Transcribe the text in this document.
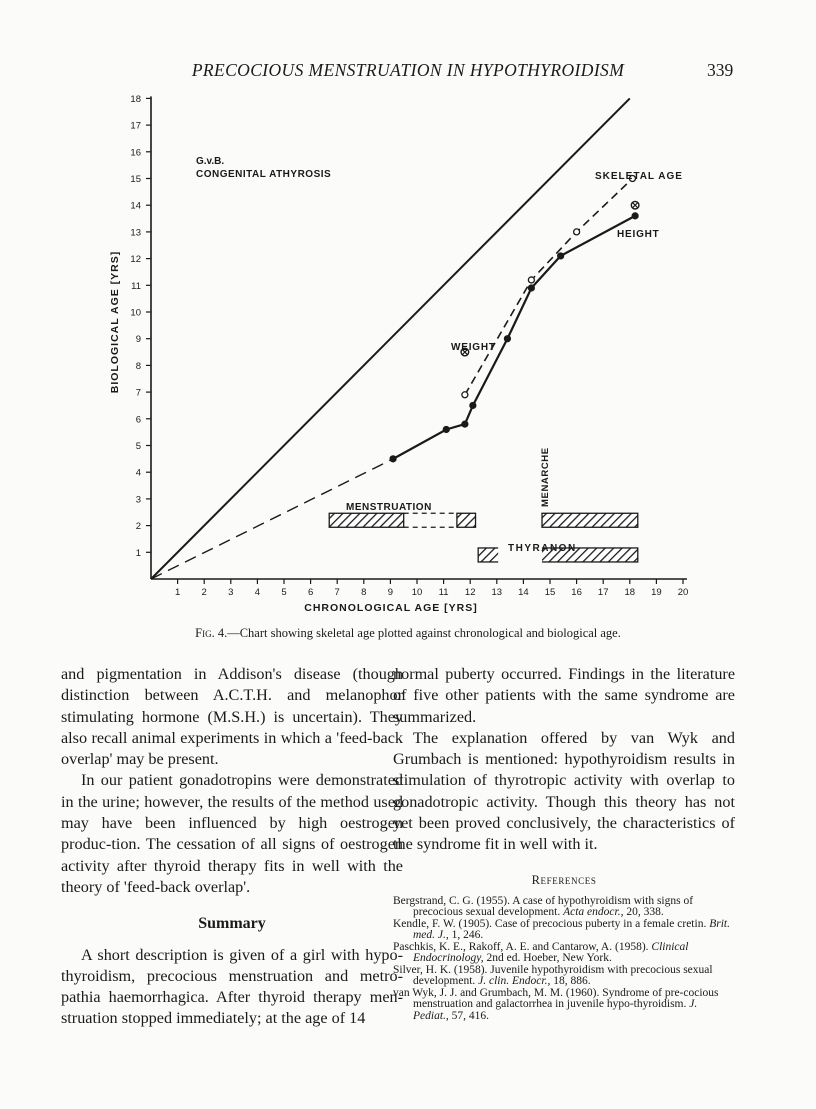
PRECOCIOUS MENSTRUATION IN HYPOTHYROIDISM	339
1 2 3 4 5 6 7 8 9 10 11 12 13 14 15 16 17 18 19 20
1
2
3
4
5
6
7
8
9
10
11
12
13
14
15
16
17
18
CHRONOLOGICAL AGE [YRS]
BIOLOGICAL AGE [YRS]
G.v.B.
CONGENITAL ATHYROSIS	SKELETAL AGE
HEIGHT
WEIGHT
MENSTRUATION
MENARCHE
THYRANON
Fig. 4.—Chart showing skeletal age plotted against chronological and biological age.

and pigmentation in Addison's disease (though distinction between A.C.T.H. and melanophor stimulating hormone (M.S.H.) is uncertain). They also recall animal experiments in which a 'feed-back overlap' may be present.

In our patient gonadotropins were demonstrated in the urine; however, the results of the method used may have been influenced by high oestrogen produc-tion. The cessation of all signs of oestrogen activity after thyroid therapy fits in well with the theory of 'feed-back overlap'.

Summary

A short description is given of a girl with hypo-thyroidism, precocious menstruation and metro- pathia haemorrhagica. After thyroid therapy men-struation stopped immediately; at the age of 14

normal puberty occurred. Findings in the literature of five other patients with the same syndrome are summarized.

The explanation offered by van Wyk and Grumbach is mentioned: hypothyroidism results in stimulation of thyrotropic activity with overlap to gonadotropic activity. Though this theory has not yet been proved conclusively, the characteristics of the syndrome fit in well with it.

References
Bergstrand, C. G. (1955). A case of hypothyroidism with signs of precocious sexual development. Acta endocr., 20, 338.
Kendle, F. W. (1905). Case of precocious puberty in a female cretin. Brit. med. J., 1, 246.
Paschkis, K. E., Rakoff, A. E. and Cantarow, A. (1958). Clinical Endocrinology, 2nd ed. Hoeber, New York.
Silver, H. K. (1958). Juvenile hypothyroidism with precocious sexual development. J. clin. Endocr., 18, 886.
van Wyk, J. J. and Grumbach, M. M. (1960). Syndrome of pre-cocious menstruation and galactorrhea in juvenile hypo-thyroidism. J. Pediat., 57, 416.
